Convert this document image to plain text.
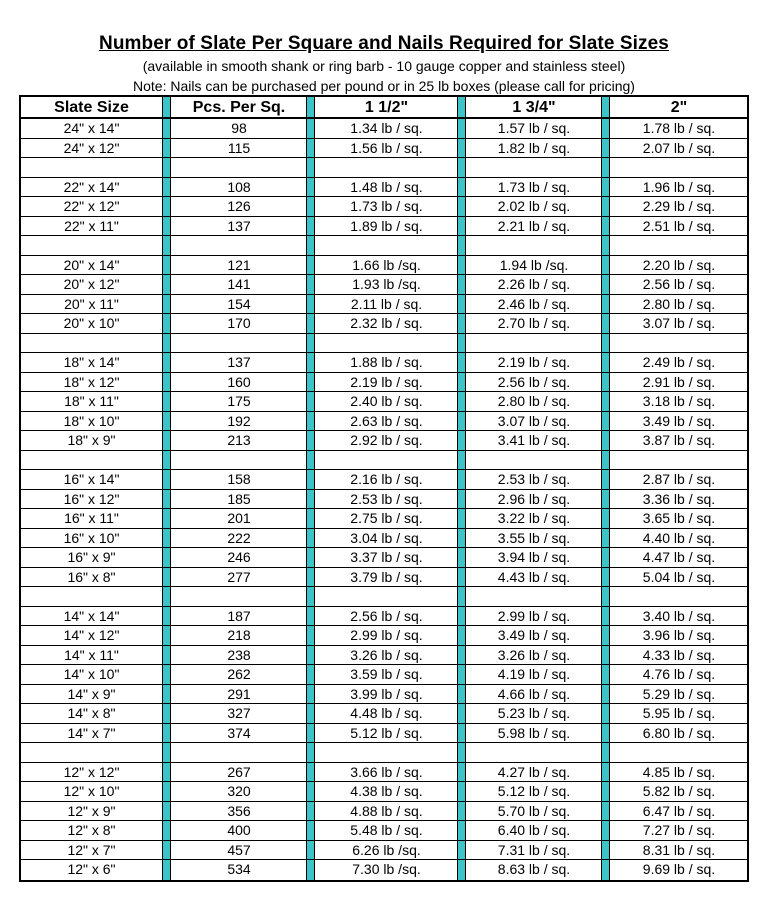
Number of Slate Per Square and Nails Required for Slate Sizes
(available in smooth shank or ring barb - 10 gauge copper and stainless steel)
Note: Nails can be purchased per pound or in 25 lb boxes (please call for pricing)
Slate Size	Pcs. Per Sq.	1 1/2"	1 3/4"	2"
24" x 14"	98	1.34 lb / sq.	1.57 lb / sq.	1.78 lb / sq.
24" x 12"	115	1.56 lb / sq.	1.82 lb / sq.	2.07 lb / sq.
22" x 14"	108	1.48 lb / sq.	1.73 lb / sq.	1.96 lb / sq.
22" x 12"	126	1.73 lb / sq.	2.02 lb / sq.	2.29 lb / sq.
22" x 11"	137	1.89 lb / sq.	2.21 lb / sq.	2.51 lb / sq.
20" x 14"	121	1.66 lb /sq.	1.94 lb /sq.	2.20 lb / sq.
20" x 12"	141	1.93 lb /sq.	2.26 lb / sq.	2.56 lb / sq.
20" x 11"	154	2.11 lb / sq.	2.46 lb / sq.	2.80 lb / sq.
20" x 10"	170	2.32 lb / sq.	2.70 lb / sq.	3.07 lb / sq.
18" x 14"	137	1.88 lb / sq.	2.19 lb / sq.	2.49 lb / sq.
18" x 12"	160	2.19 lb / sq.	2.56 lb / sq.	2.91 lb / sq.
18" x 11"	175	2.40 lb / sq.	2.80 lb / sq.	3.18 lb / sq.
18" x 10"	192	2.63 lb / sq.	3.07 lb / sq.	3.49 lb / sq.
18" x 9"	213	2.92 lb / sq.	3.41 lb / sq.	3.87 lb / sq.
16" x 14"	158	2.16 lb / sq.	2.53 lb / sq.	2.87 lb / sq.
16" x 12"	185	2.53 lb / sq.	2.96 lb / sq.	3.36 lb / sq.
16" x 11"	201	2.75 lb / sq.	3.22 lb / sq.	3.65 lb / sq.
16" x 10"	222	3.04 lb / sq.	3.55 lb / sq.	4.40 lb / sq.
16" x 9"	246	3.37 lb / sq.	3.94 lb / sq.	4.47 lb / sq.
16" x 8"	277	3.79 lb / sq.	4.43 lb / sq.	5.04 lb / sq.
14" x 14"	187	2.56 lb / sq.	2.99 lb / sq.	3.40 lb / sq.
14" x 12"	218	2.99 lb / sq.	3.49 lb / sq.	3.96 lb / sq.
14" x 11"	238	3.26 lb / sq.	3.26 lb / sq.	4.33 lb / sq.
14" x 10"	262	3.59 lb / sq.	4.19 lb / sq.	4.76 lb / sq.
14" x 9"	291	3.99 lb / sq.	4.66 lb / sq.	5.29 lb / sq.
14" x 8"	327	4.48 lb / sq.	5.23 lb / sq.	5.95 lb / sq.
14" x 7"	374	5.12 lb / sq.	5.98 lb / sq.	6.80 lb / sq.
12" x 12"	267	3.66 lb / sq.	4.27 lb / sq.	4.85 lb / sq.
12" x 10"	320	4.38 lb / sq.	5.12 lb / sq.	5.82 lb / sq.
12" x 9"	356	4.88 lb / sq.	5.70 lb / sq.	6.47 lb / sq.
12" x 8"	400	5.48 lb / sq.	6.40 lb / sq.	7.27 lb / sq.
12" x 7"	457	6.26 lb /sq.	7.31 lb / sq.	8.31 lb / sq.
12" x 6"	534	7.30 lb /sq.	8.63 lb / sq.	9.69 lb / sq.
